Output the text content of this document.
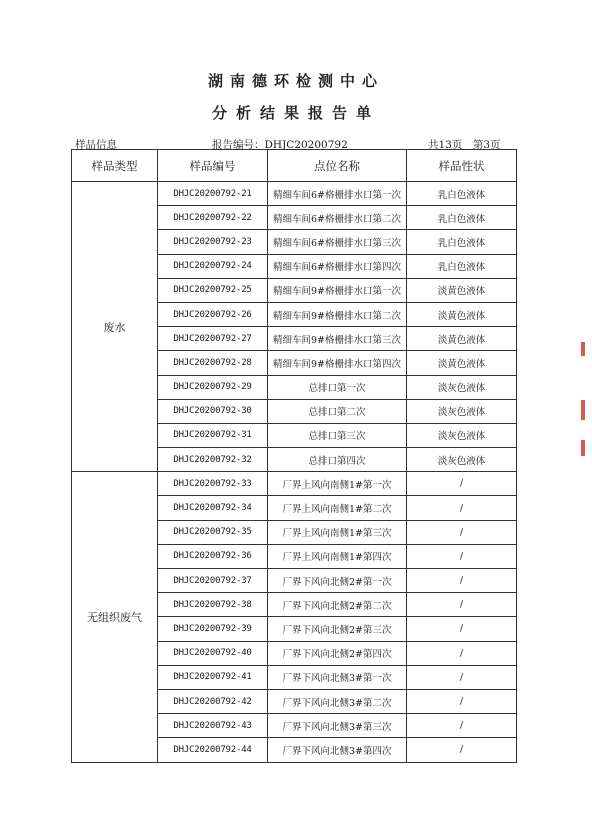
湖南德环检测中心
分析结果报告单
样品信息	报告编号：DHJC20200792	共13页　第3页
样品类型	样品编号	点位名称	样品性状
废水	DHJC20200792-21	精细车间6#格栅排水口第一次	乳白色液体
	DHJC20200792-22	精细车间6#格栅排水口第二次	乳白色液体
	DHJC20200792-23	精细车间6#格栅排水口第三次	乳白色液体
	DHJC20200792-24	精细车间6#格栅排水口第四次	乳白色液体
	DHJC20200792-25	精细车间9#格栅排水口第一次	淡黄色液体
	DHJC20200792-26	精细车间9#格栅排水口第二次	淡黄色液体
	DHJC20200792-27	精细车间9#格栅排水口第三次	淡黄色液体
	DHJC20200792-28	精细车间9#格栅排水口第四次	淡黄色液体
	DHJC20200792-29	总排口第一次	淡灰色液体
	DHJC20200792-30	总排口第二次	淡灰色液体
	DHJC20200792-31	总排口第三次	淡灰色液体
	DHJC20200792-32	总排口第四次	淡灰色液体
无组织废气	DHJC20200792-33	厂界上风向南侧1#第一次	/
	DHJC20200792-34	厂界上风向南侧1#第二次	/
	DHJC20200792-35	厂界上风向南侧1#第三次	/
	DHJC20200792-36	厂界上风向南侧1#第四次	/
	DHJC20200792-37	厂界下风向北侧2#第一次	/
	DHJC20200792-38	厂界下风向北侧2#第二次	/
	DHJC20200792-39	厂界下风向北侧2#第三次	/
	DHJC20200792-40	厂界下风向北侧2#第四次	/
	DHJC20200792-41	厂界下风向北侧3#第一次	/
	DHJC20200792-42	厂界下风向北侧3#第二次	/
	DHJC20200792-43	厂界下风向北侧3#第三次	/
	DHJC20200792-44	厂界下风向北侧3#第四次	/
